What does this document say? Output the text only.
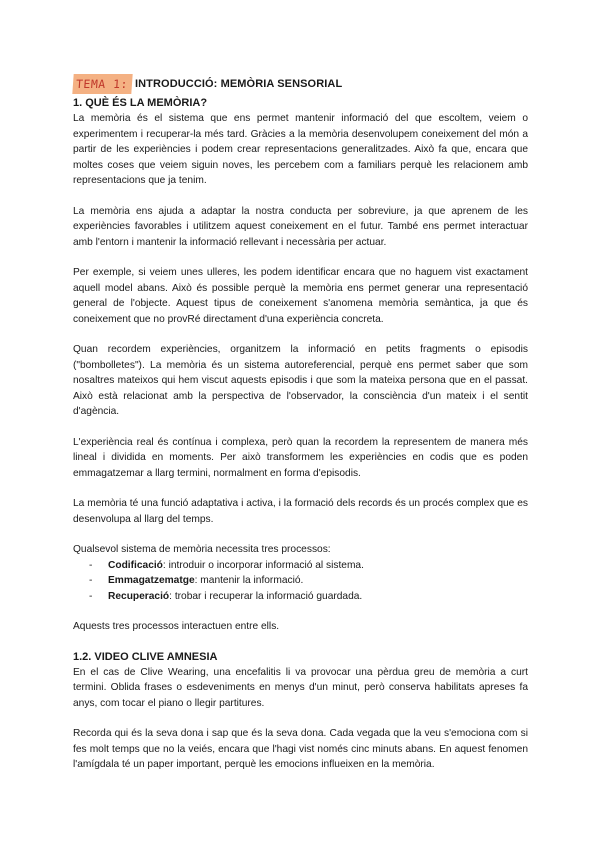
TEMA 1: INTRODUCCIÓ: MEMÒRIA SENSORIAL
1. QUÈ ÉS LA MEMÒRIA?

La memòria és el sistema que ens permet mantenir informació del que escoltem, veiem o experimentem i recuperar-la més tard. Gràcies a la memòria desenvolupem coneixement del món a partir de les experiències i podem crear representacions generalitzades. Això fa que, encara que moltes coses que veiem siguin noves, les percebem com a familiars perquè les relacionem amb representacions que ja tenim.

La memòria ens ajuda a adaptar la nostra conducta per sobreviure, ja que aprenem de les experiències favorables i utilitzem aquest coneixement en el futur. També ens permet interactuar amb l'entorn i mantenir la informació rellevant i necessària per actuar.

Per exemple, si veiem unes ulleres, les podem identificar encara que no haguem vist exactament aquell model abans. Això és possible perquè la memòria ens permet generar una representació general de l'objecte. Aquest tipus de coneixement s'anomena memòria semàntica, ja que és coneixement que no provRé directament d'una experiència concreta.

Quan recordem experiències, organitzem la informació en petits fragments o episodis ("bombolletes"). La memòria és un sistema autoreferencial, perquè ens permet saber que som nosaltres mateixos qui hem viscut aquests episodis i que som la mateixa persona que en el passat. Això està relacionat amb la perspectiva de l'observador, la consciència d'un mateix i el sentit d'agència.

L'experiència real és contínua i complexa, però quan la recordem la representem de manera més lineal i dividida en moments. Per això transformem les experiències en codis que es poden emmagatzemar a llarg termini, normalment en forma d'episodis.

La memòria té una funció adaptativa i activa, i la formació dels records és un procés complex que es desenvolupa al llarg del temps.

Qualsevol sistema de memòria necessita tres processos:

-	Codificació: introduir o incorporar informació al sistema.
-	Emmagatzematge: mantenir la informació.
-	Recuperació: trobar i recuperar la informació guardada.

Aquests tres processos interactuen entre ells.

1.2. VIDEO CLIVE AMNESIA

En el cas de Clive Wearing, una encefalitis li va provocar una pèrdua greu de memòria a curt termini. Oblida frases o esdeveniments en menys d'un minut, però conserva habilitats apreses fa anys, com tocar el piano o llegir partitures.

Recorda qui és la seva dona i sap que és la seva dona. Cada vegada que la veu s'emociona com si fes molt temps que no la veiés, encara que l'hagi vist només cinc minuts abans. En aquest fenomen l'amígdala té un paper important, perquè les emocions influeixen en la memòria.
